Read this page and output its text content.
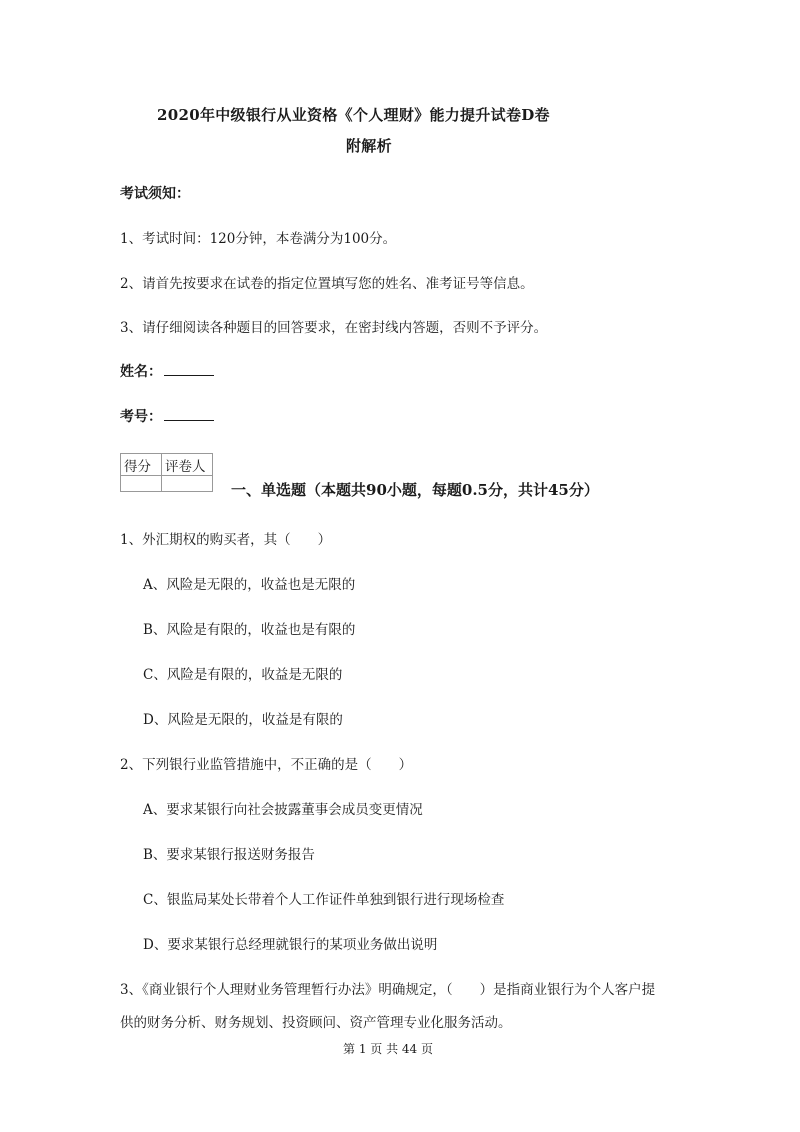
2020年中级银行从业资格《个人理财》能力提升试卷D卷
附解析
考试须知：
1、考试时间：120分钟，本卷满分为100分。
2、请首先按要求在试卷的指定位置填写您的姓名、准考证号等信息。
3、请仔细阅读各种题目的回答要求，在密封线内答题，否则不予评分。
姓名：
考号：
得分	评卷人

一、单选题（本题共90小题，每题0.5分，共计45分）
1、外汇期权的购买者，其（　　）
A、风险是无限的，收益也是无限的
B、风险是有限的，收益也是有限的
C、风险是有限的，收益是无限的
D、风险是无限的，收益是有限的
2、下列银行业监管措施中，不正确的是（　　）
A、要求某银行向社会披露董事会成员变更情况
B、要求某银行报送财务报告
C、银监局某处长带着个人工作证件单独到银行进行现场检查
D、要求某银行总经理就银行的某项业务做出说明
3、《商业银行个人理财业务管理暂行办法》明确规定，（　　）是指商业银行为个人客户提
供的财务分析、财务规划、投资顾问、资产管理专业化服务活动。
第 1 页 共 44 页
